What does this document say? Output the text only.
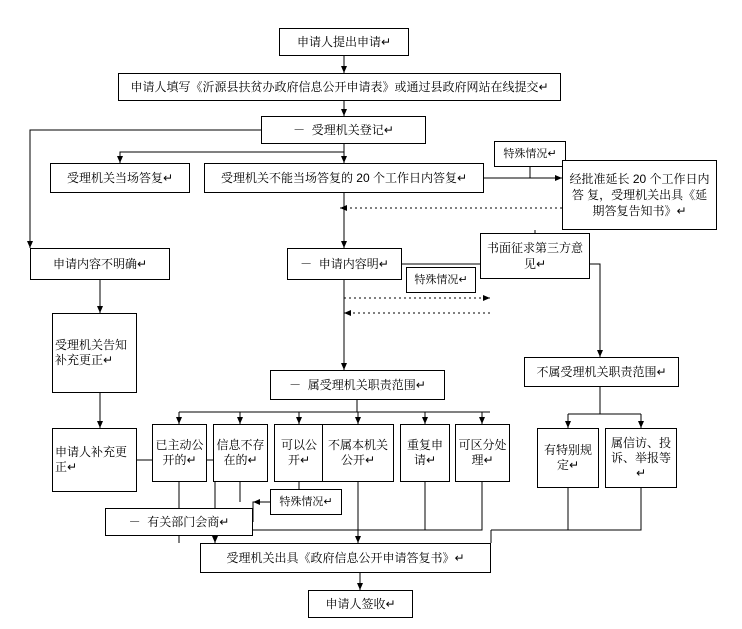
申请人提出申请↵
申请人填写《沂源县扶贫办政府信息公开申请表》或通过县政府网站在线提交↵
－  受理机关登记↵
受理机关当场答复↵	受理机关不能当场答复的 20 个工作日内答复↵
特殊情况↵
经批准延长 20 个工作日内答 复，受理机关出具《延期答复告知书》↵
书面征求第三方意见↵
申请内容不明确↵	－  申请内容明↵
特殊情况↵
受理机关告知补充更正↵
申请人补充更正↵
－  属受理机关职责范围↵
不属受理机关职责范围↵
已主动公开的↵
信息不存在的↵
可以公开↵
不属本机关公开↵
重复申请↵
可区分处理↵
有特别规定↵
属信访、投诉、举报等↵
特殊情况↵
－  有关部门会商↵
受理机关出具《政府信息公开申请答复书》↵
申请人签收↵
